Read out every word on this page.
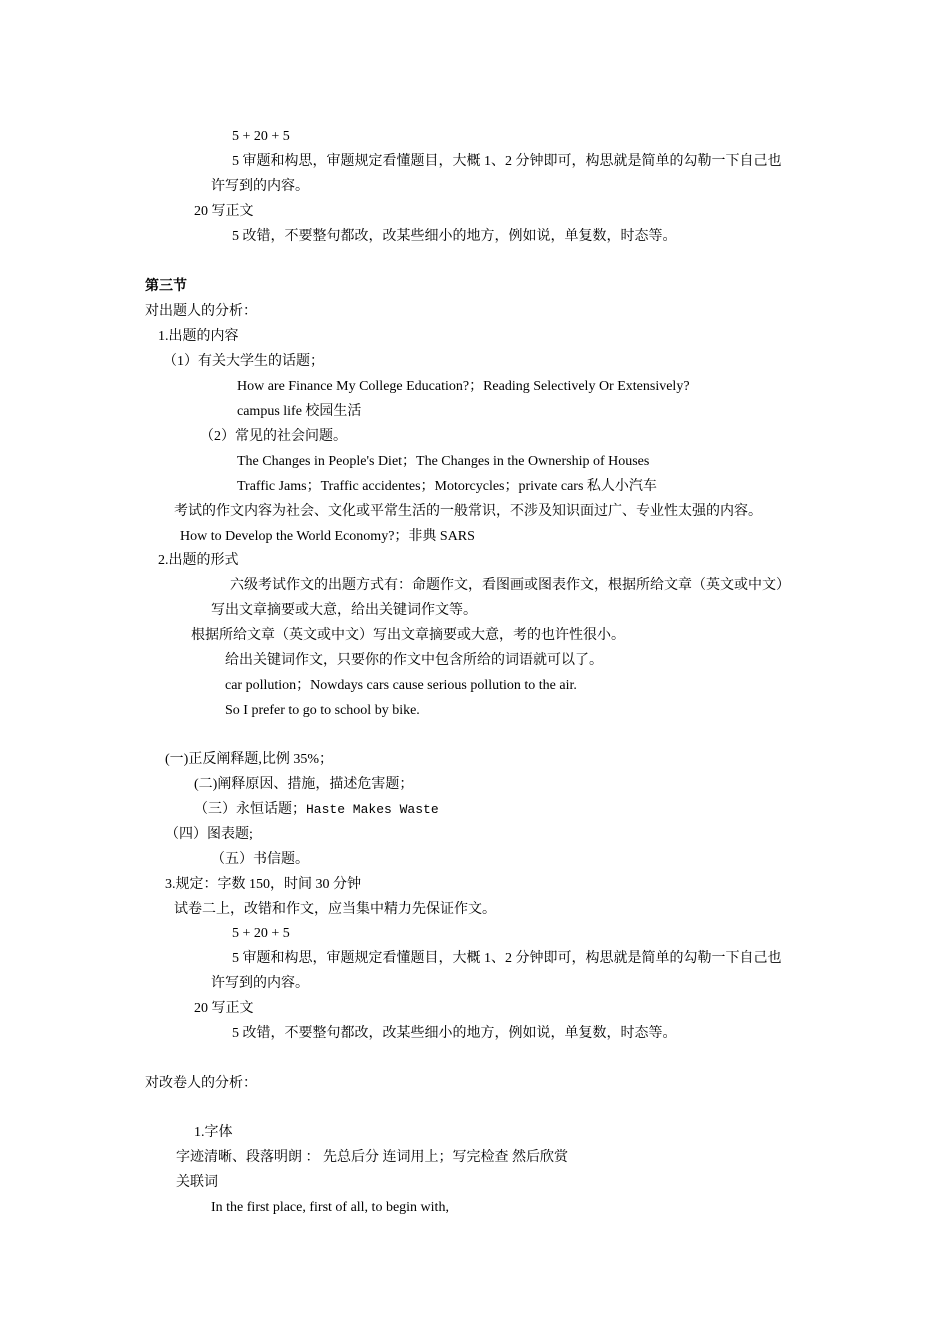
5 + 20 + 5
5 审题和构思，审题规定看懂题目，大概 1、2 分钟即可，构思就是简单的勾勒一下自己也
许写到的内容。
20 写正文
5 改错，不要整句都改，改某些细小的地方，例如说，单复数，时态等。
第三节
对出题人的分析：
1.出题的内容
（1）有关大学生的话题；
How are Finance My College Education?；Reading Selectively Or Extensively?
campus life 校园生活
（2）常见的社会问题。
The Changes in People's Diet；The Changes in the Ownership of Houses
Traffic Jams；Traffic accidentes；Motorcycles；private cars 私人小汽车
考试的作文内容为社会、文化或平常生活的一般常识，不涉及知识面过广、专业性太强的内容。
How to Develop the World Economy?；非典 SARS
2.出题的形式
六级考试作文的出题方式有：命题作文，看图画或图表作文，根据所给文章（英文或中文）
写出文章摘要或大意，给出关键词作文等。
根据所给文章（英文或中文）写出文章摘要或大意，考的也许性很小。
给出关键词作文，只要你的作文中包含所给的词语就可以了。
car pollution；Nowdays cars cause serious pollution to the air.
So I prefer to go to school by bike.
(一)正反阐释题,比例 35%；
(二)阐释原因、措施，描述危害题；
（三）永恒话题；Haste Makes Waste
（四）图表题;
（五）书信题。
3.规定：字数 150，时间 30 分钟
试卷二上，改错和作文，应当集中精力先保证作文。
5 + 20 + 5
5 审题和构思，审题规定看懂题目，大概 1、2 分钟即可，构思就是简单的勾勒一下自己也
许写到的内容。
20 写正文
5 改错，不要整句都改，改某些细小的地方，例如说，单复数，时态等。
对改卷人的分析：
1.字体
字迹清晰、段落明朗 ： 先总后分 连词用上；写完检查 然后欣赏
关联词
In the first place, first of all, to begin with,
